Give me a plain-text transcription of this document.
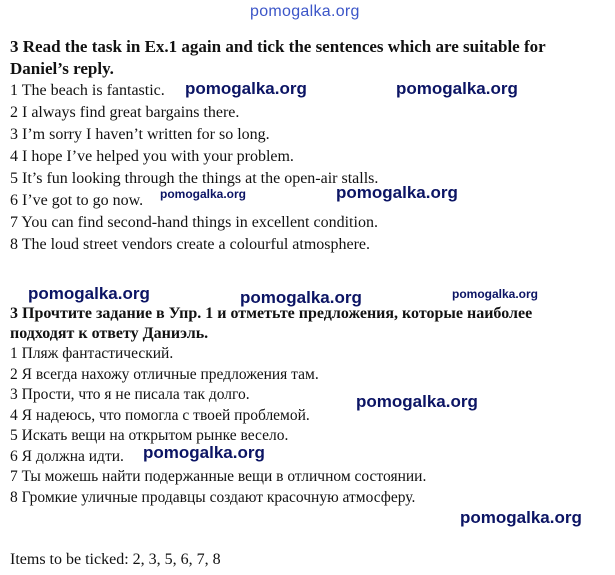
3 Read the task in Ex.1 again and tick the sentences which are suitable for

Daniel’s reply.

1 The beach is fantastic.

2 I always find great bargains there.

3 I’m sorry I haven’t written for so long.

4 I hope I’ve helped you with your problem.

5 It’s fun looking through the things at the open-air stalls.

6 I’ve got to go now.

7 You can find second-hand things in excellent condition.

8 The loud street vendors create a colourful atmosphere.

3 Прочтите задание в Упр. 1 и отметьте предложения, которые наиболее

подходят к ответу Даниэль.

1 Пляж фантастический.

2 Я всегда нахожу отличные предложения там.

3 Прости, что я не писала так долго.

4 Я надеюсь, что помогла с твоей проблемой.

5 Искать вещи на открытом рынке весело.

6 Я должна идти.

7 Ты можешь найти подержанные вещи в отличном состоянии.

8 Громкие уличные продавцы создают красочную атмосферу.

Items to be ticked: 2, 3, 5, 6, 7, 8
pomogalka.org
pomogalka.org	pomogalka.org
pomogalka.org	pomogalka.org
pomogalka.org	pomogalka.org	pomogalka.org
pomogalka.org
pomogalka.org
pomogalka.org
